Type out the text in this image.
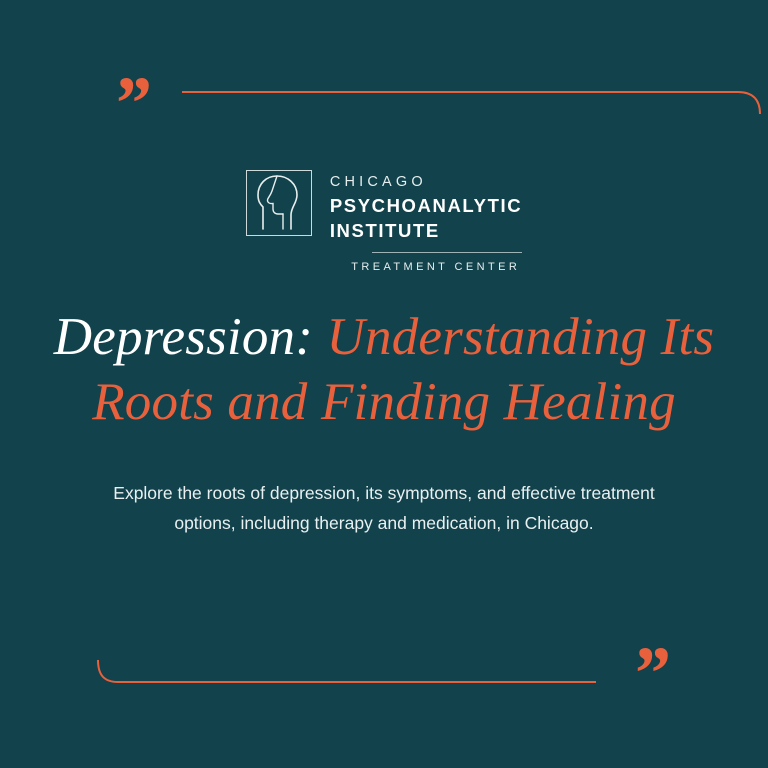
”
CHICAGO
PSYCHOANALYTIC
INSTITUTE
TREATMENT CENTER
Depression: Understanding Its Roots and Finding Healing
Explore the roots of depression, its symptoms, and effective treatment options, including therapy and medication, in Chicago.
”
